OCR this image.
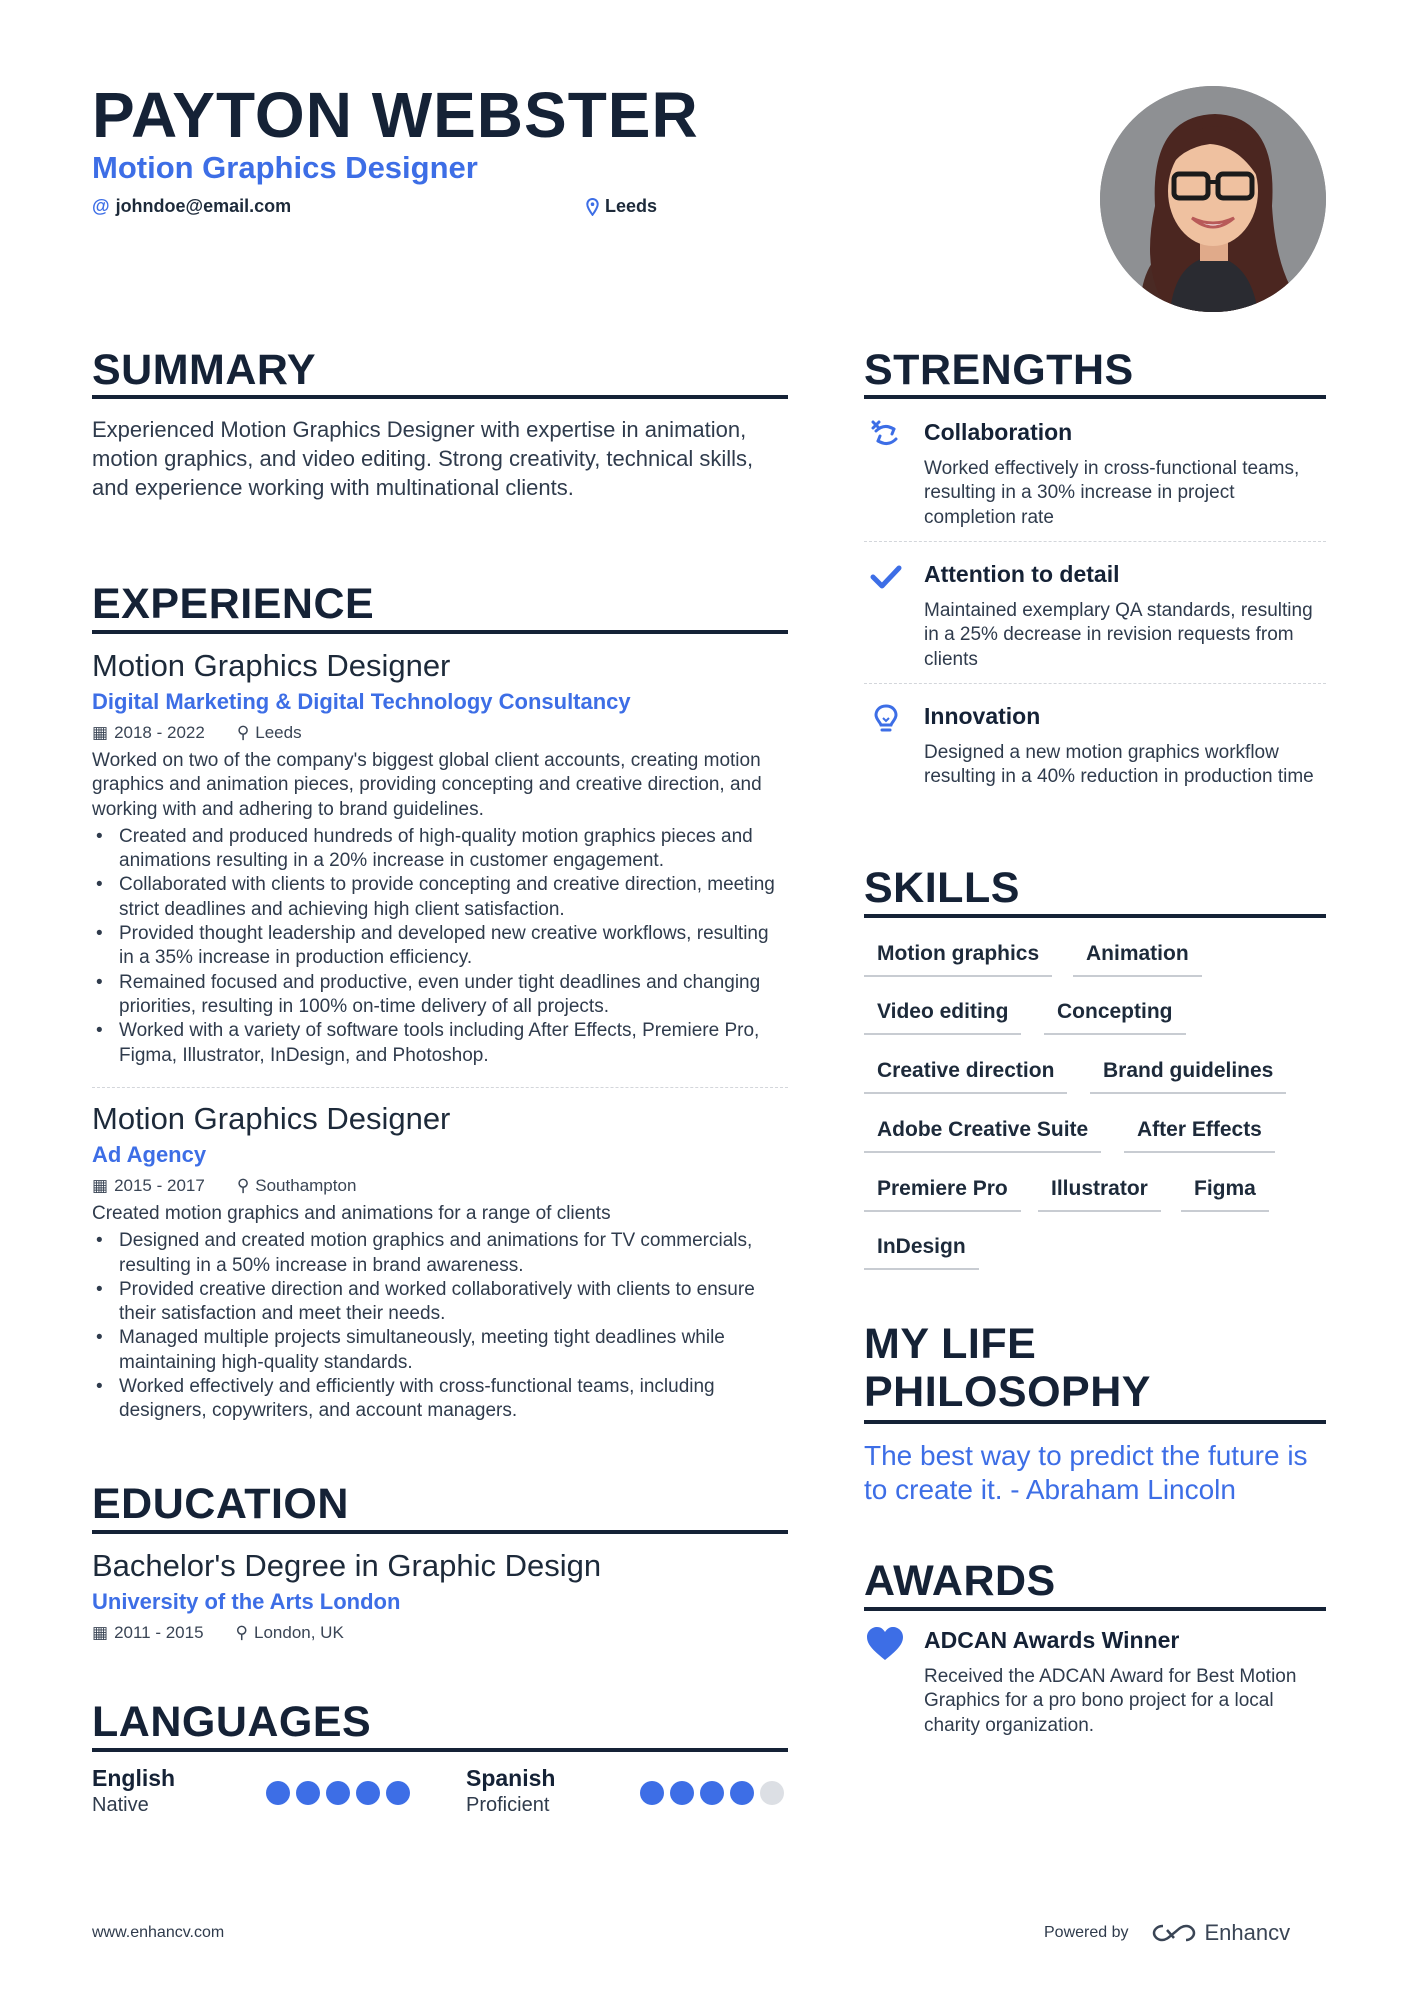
PAYTON WEBSTER
Motion Graphics Designer
@ johndoe@email.com	Leeds
SUMMARY
Experienced Motion Graphics Designer with expertise in animation, motion graphics, and video editing. Strong creativity, technical skills, and experience working with multinational clients.
EXPERIENCE
Motion Graphics Designer
Digital Marketing & Digital Technology Consultancy
▦ 2018 - 2022 ⚲ Leeds
Worked on two of the company's biggest global client accounts, creating motion graphics and animation pieces, providing concepting and creative direction, and working with and adhering to brand guidelines.
• Created and produced hundreds of high-quality motion graphics pieces and animations resulting in a 20% increase in customer engagement.
• Collaborated with clients to provide concepting and creative direction, meeting strict deadlines and achieving high client satisfaction.
• Provided thought leadership and developed new creative workflows, resulting in a 35% increase in production efficiency.
• Remained focused and productive, even under tight deadlines and changing priorities, resulting in 100% on-time delivery of all projects.
• Worked with a variety of software tools including After Effects, Premiere Pro, Figma, Illustrator, InDesign, and Photoshop.
Motion Graphics Designer
Ad Agency
▦ 2015 - 2017 ⚲ Southampton
Created motion graphics and animations for a range of clients
• Designed and created motion graphics and animations for TV commercials, resulting in a 50% increase in brand awareness.
• Provided creative direction and worked collaboratively with clients to ensure their satisfaction and meet their needs.
• Managed multiple projects simultaneously, meeting tight deadlines while maintaining high-quality standards.
• Worked effectively and efficiently with cross-functional teams, including designers, copywriters, and account managers.
EDUCATION
Bachelor's Degree in Graphic Design
University of the Arts London
▦ 2011 - 2015 ⚲ London, UK
LANGUAGES
English
Native
Spanish
Proficient
STRENGTHS
Collaboration
Worked effectively in cross-functional teams, resulting in a 30% increase in project completion rate
Attention to detail
Maintained exemplary QA standards, resulting in a 25% decrease in revision requests from clients
Innovation
Designed a new motion graphics workflow resulting in a 40% reduction in production time
SKILLS
Motion graphics	Animation
Video editing	Concepting
Creative direction	Brand guidelines
Adobe Creative Suite	After Effects
Premiere Pro	Illustrator	Figma
InDesign
MY LIFE
PHILOSOPHY
The best way to predict the future is to create it. - Abraham Lincoln
AWARDS
ADCAN Awards Winner
Received the ADCAN Award for Best Motion Graphics for a pro bono project for a local charity organization.
www.enhancv.com	Powered by	Enhancv
